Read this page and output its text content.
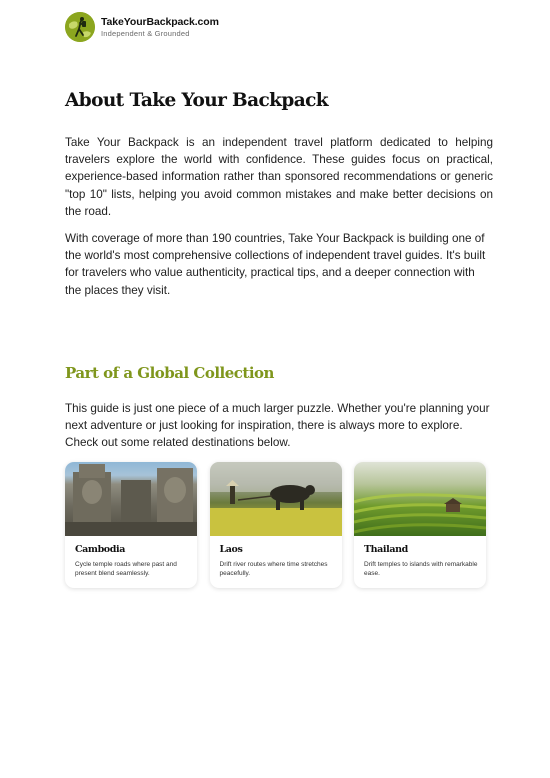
TakeYourBackpack.com
Independent & Grounded
About Take Your Backpack

Take Your Backpack is an independent travel platform dedicated to helping travelers explore the world with confidence. These guides focus on practical, experience-based information rather than sponsored recommendations or generic "top 10" lists, helping you avoid common mistakes and make better decisions on the road.

With coverage of more than 190 countries, Take Your Backpack is building one of the world's most comprehensive collections of independent travel guides. It's built for travelers who value authenticity, practical tips, and a deeper connection with the places they visit.

Part of a Global Collection

This guide is just one piece of a much larger puzzle. Whether you're planning your next adventure or just looking for inspiration, there is always more to explore. Check out some related destinations below.

Cambodia
Cycle temple roads where past and present blend seamlessly.
Laos
Drift river routes where time stretches peacefully.
Thailand
Drift temples to islands with remarkable ease.
